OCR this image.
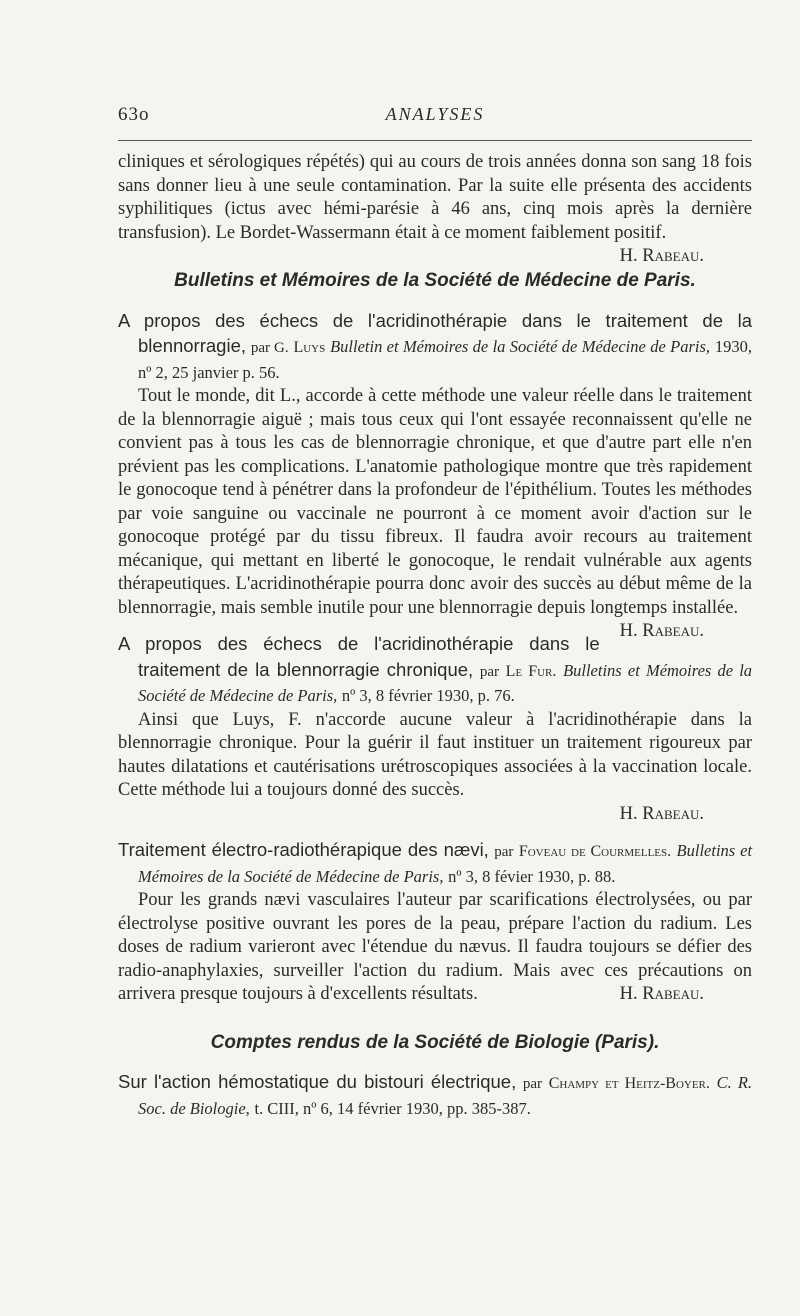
63o	ANALYSES

cliniques et sérologiques répétés) qui au cours de trois années donna son sang 18 fois sans donner lieu à une seule contamination. Par la suite elle présenta des accidents syphilitiques (ictus avec hémi-parésie à 46 ans, cinq mois après la dernière transfusion). Le Bordet-Wassermann était à ce moment faiblement positif.
H. Rabeau.

Bulletins et Mémoires de la Société de Médecine de Paris.

A propos des échecs de l'acridinothérapie dans le traitement de la blennorragie, par G. Luys Bulletin et Mémoires de la Société de Médecine de Paris, 1930, nº 2, 25 janvier p. 56.

Tout le monde, dit L., accorde à cette méthode une valeur réelle dans le traitement de la blennorragie aiguë ; mais tous ceux qui l'ont essayée reconnaissent qu'elle ne convient pas à tous les cas de blennorragie chronique, et que d'autre part elle n'en prévient pas les complications. L'anatomie pathologique montre que très rapidement le gonocoque tend à pénétrer dans la profondeur de l'épithélium. Toutes les méthodes par voie sanguine ou vaccinale ne pourront à ce moment avoir d'action sur le gonocoque protégé par du tissu fibreux. Il faudra avoir recours au traitement mécanique, qui mettant en liberté le gonocoque, le rendait vulnérable aux agents thérapeutiques. L'acridinothérapie pourra donc avoir des succès au début même de la blennorragie, mais semble inutile pour une blennorragie depuis longtemps installée.
H. Rabeau.

A propos des échecs de l'acridinothérapie dans le traitement de la blennorragie chronique, par Le Fur. Bulletins et Mémoires de la Société de Médecine de Paris, nº 3, 8 février 1930, p. 76.

Ainsi que Luys, F. n'accorde aucune valeur à l'acridinothérapie dans la blennorragie chronique. Pour la guérir il faut instituer un traitement rigoureux par hautes dilatations et cautérisations urétroscopiques associées à la vaccination locale. Cette méthode lui a toujours donné des succès.

H. Rabeau.

Traitement électro-radiothérapique des nævi, par Foveau de Courmelles. Bulletins et Mémoires de la Société de Médecine de Paris, nº 3, 8 févier 1930, p. 88.

Pour les grands nævi vasculaires l'auteur par scarifications électrolysées, ou par électrolyse positive ouvrant les pores de la peau, prépare l'action du radium. Les doses de radium varieront avec l'étendue du nævus. Il faudra toujours se défier des radio-anaphylaxies, surveiller l'action du radium. Mais avec ces précautions on arrivera presque toujours à d'excellents résultats.	H. Rabeau.

Comptes rendus de la Société de Biologie (Paris).

Sur l'action hémostatique du bistouri électrique, par Champy et Heitz-Boyer. C. R. Soc. de Biologie, t. CIII, nº 6, 14 février 1930, pp. 385-387.
